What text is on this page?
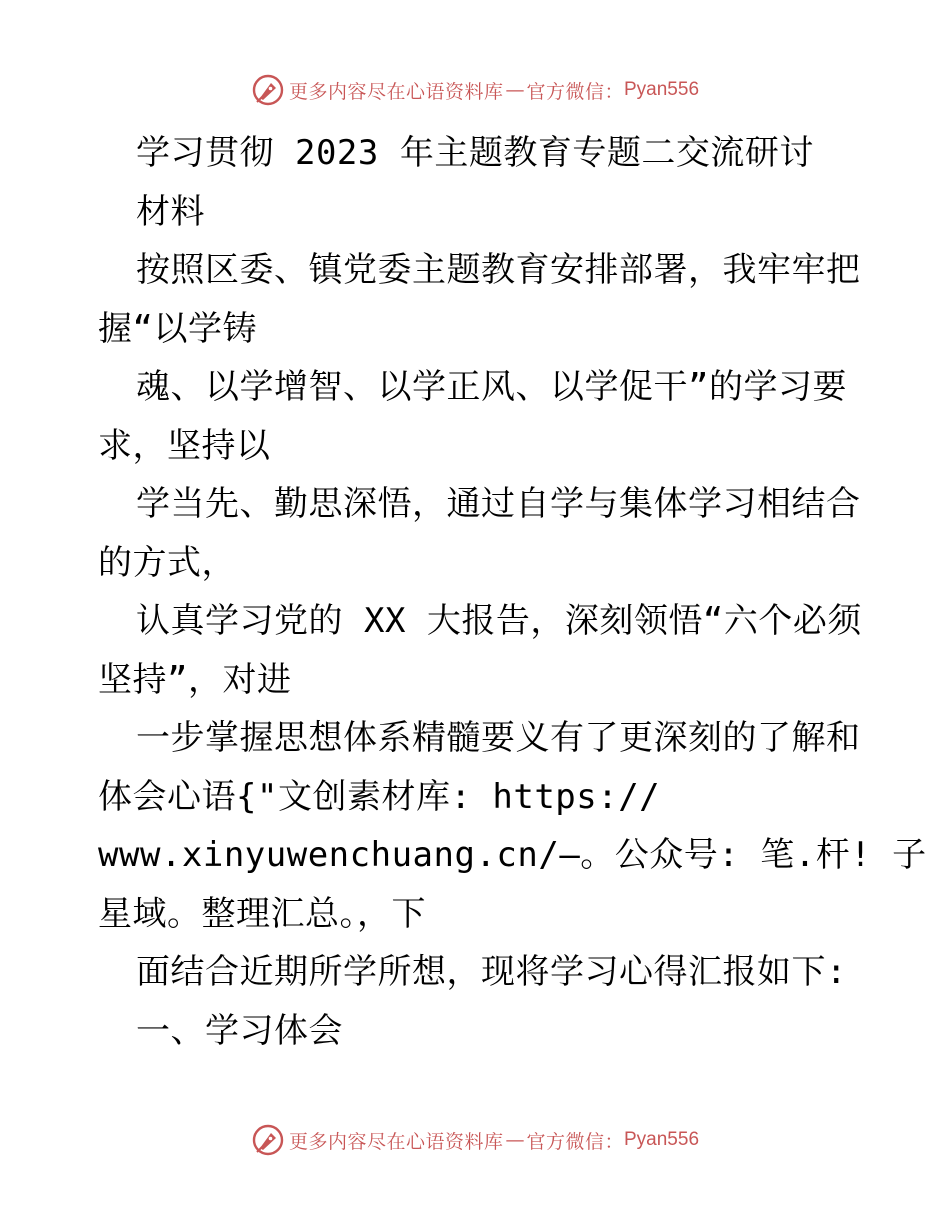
更多内容尽在心语资料库 — 官方微信： Pyan556
学习贯彻 2023 年主题教育专题二交流研讨
材料
按照区委、镇党委主题教育安排部署，我牢牢把
握“以学铸
魂、以学增智、以学正风、以学促干”的学习要
求，坚持以
学当先、勤思深悟，通过自学与集体学习相结合
的方式，
认真学习党的 XX 大报告，深刻领悟“六个必须
坚持”，对进
一步掌握思想体系精髓要义有了更深刻的了解和
体会心语{"文创素材库: https://
www.xinyuwenchuang.cn/—。公众号: 笔.杆! 子
星域。整理汇总。，下
面结合近期所学所想，现将学习心得汇报如下:
一、学习体会
更多内容尽在心语资料库 — 官方微信： Pyan556
